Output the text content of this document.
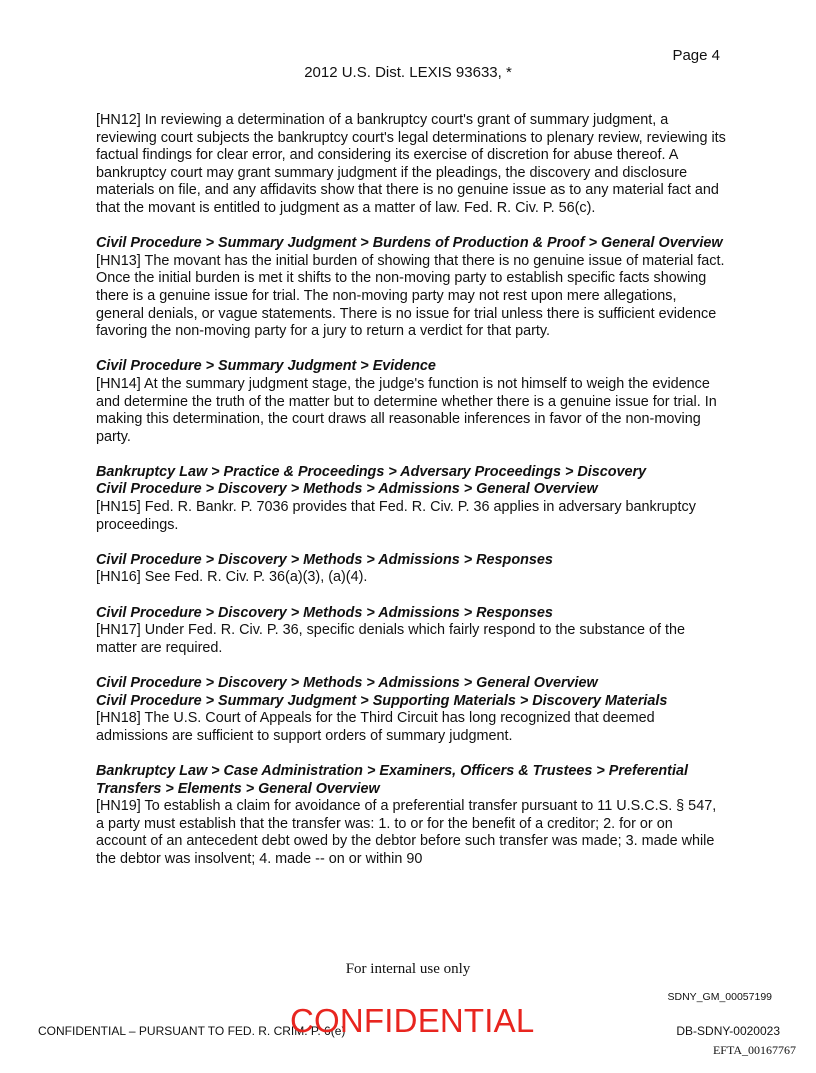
Page 4
2012 U.S. Dist. LEXIS 93633, *
[HN12] In reviewing a determination of a bankruptcy court's grant of summary judgment, a reviewing court subjects the bankruptcy court's legal determinations to plenary review, reviewing its factual findings for clear error, and considering its exercise of discretion for abuse thereof. A bankruptcy court may grant summary judgment if the pleadings, the discovery and disclosure materials on file, and any affidavits show that there is no genuine issue as to any material fact and that the movant is entitled to judgment as a matter of law. Fed. R. Civ. P. 56(c).
Civil Procedure > Summary Judgment > Burdens of Production & Proof > General Overview
[HN13] The movant has the initial burden of showing that there is no genuine issue of material fact. Once the initial burden is met it shifts to the non-moving party to establish specific facts showing there is a genuine issue for trial. The non-moving party may not rest upon mere allegations, general denials, or vague statements. There is no issue for trial unless there is sufficient evidence favoring the non-moving party for a jury to return a verdict for that party.
Civil Procedure > Summary Judgment > Evidence
[HN14] At the summary judgment stage, the judge's function is not himself to weigh the evidence and determine the truth of the matter but to determine whether there is a genuine issue for trial. In making this determination, the court draws all reasonable inferences in favor of the non-moving party.
Bankruptcy Law > Practice & Proceedings > Adversary Proceedings > Discovery
Civil Procedure > Discovery > Methods > Admissions > General Overview
[HN15] Fed. R. Bankr. P. 7036 provides that Fed. R. Civ. P. 36 applies in adversary bankruptcy proceedings.
Civil Procedure > Discovery > Methods > Admissions > Responses
[HN16] See Fed. R. Civ. P. 36(a)(3), (a)(4).
Civil Procedure > Discovery > Methods > Admissions > Responses
[HN17] Under Fed. R. Civ. P. 36, specific denials which fairly respond to the substance of the matter are required.
Civil Procedure > Discovery > Methods > Admissions > General Overview
Civil Procedure > Summary Judgment > Supporting Materials > Discovery Materials
[HN18] The U.S. Court of Appeals for the Third Circuit has long recognized that deemed admissions are sufficient to support orders of summary judgment.
Bankruptcy Law > Case Administration > Examiners, Officers & Trustees > Preferential Transfers > Elements > General Overview
[HN19] To establish a claim for avoidance of a preferential transfer pursuant to 11 U.S.C.S. § 547, a party must establish that the transfer was: 1. to or for the benefit of a creditor; 2. for or on account of an antecedent debt owed by the debtor before such transfer was made; 3. made while the debtor was insolvent; 4. made -- on or within 90
For internal use only
SDNY_GM_00057199
CONFIDENTIAL – PURSUANT TO FED. R. CRIM. P. 6(e)
CONFIDENTIAL	DB-SDNY-0020023
EFTA_00167767
